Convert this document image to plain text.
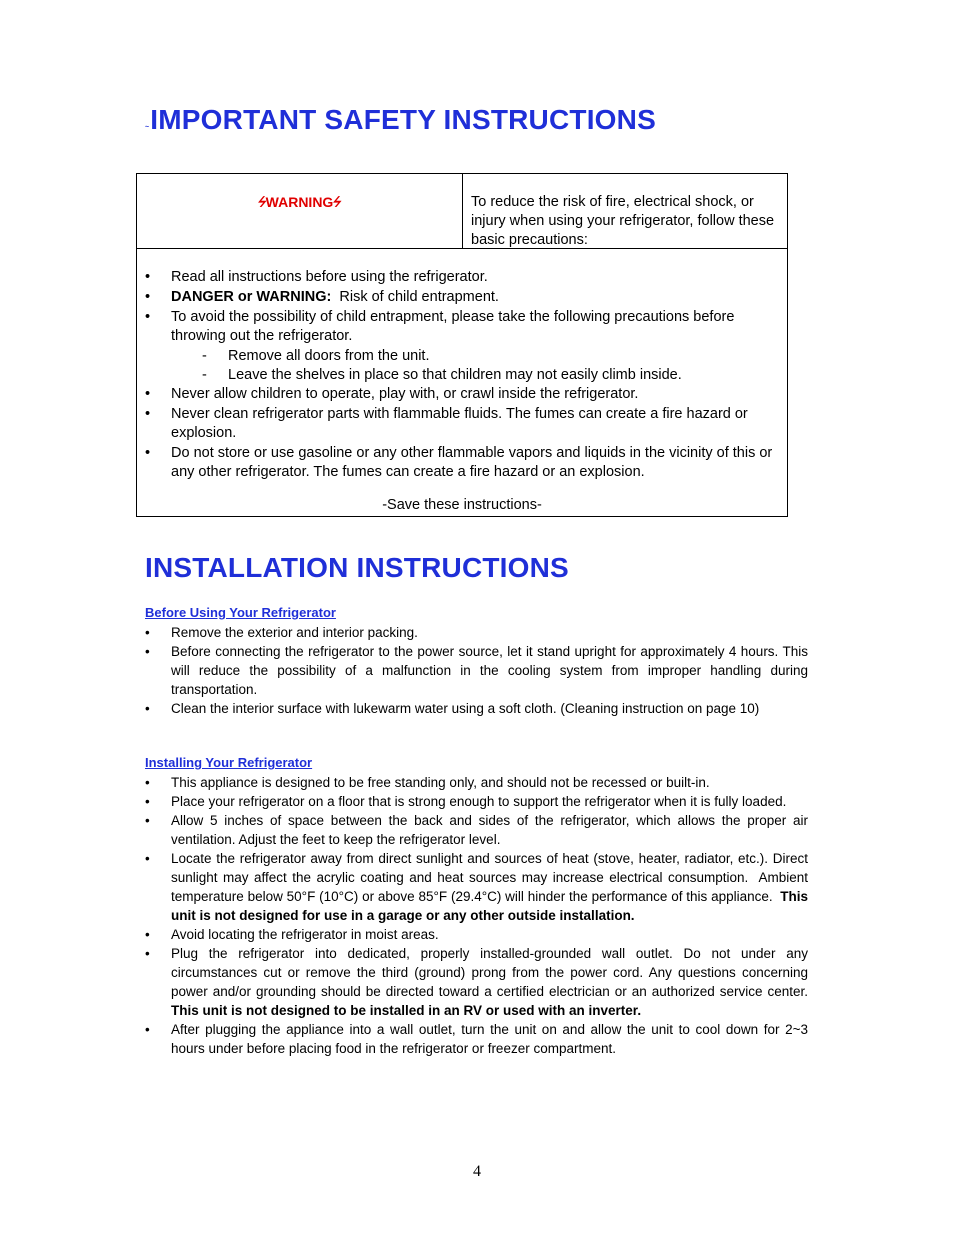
~IMPORTANT SAFETY INSTRUCTIONS
ϟWARNINGϟ	To reduce the risk of fire, electrical shock, or injury when using your refrigerator, follow these basic precautions:
• Read all instructions before using the refrigerator.
• DANGER or WARNING:  Risk of child entrapment.
• To avoid the possibility of child entrapment, please take the following precautions before throwing out the refrigerator.
- Remove all doors from the unit.
- Leave the shelves in place so that children may not easily climb inside.
• Never allow children to operate, play with, or crawl inside the refrigerator.
• Never clean refrigerator parts with flammable fluids. The fumes can create a fire hazard or explosion.
• Do not store or use gasoline or any other flammable vapors and liquids in the vicinity of this or any other refrigerator. The fumes can create a fire hazard or an explosion.
-Save these instructions-
INSTALLATION INSTRUCTIONS
Before Using Your Refrigerator
• Remove the exterior and interior packing.
• Before connecting the refrigerator to the power source, let it stand upright for approximately 4 hours. This will reduce the possibility of a malfunction in the cooling system from improper handling during transportation.
• Clean the interior surface with lukewarm water using a soft cloth. (Cleaning instruction on page 10)
Installing Your Refrigerator
• This appliance is designed to be free standing only, and should not be recessed or built-in.
• Place your refrigerator on a floor that is strong enough to support the refrigerator when it is fully loaded.
• Allow 5 inches of space between the back and sides of the refrigerator, which allows the proper air ventilation. Adjust the feet to keep the refrigerator level.
• Locate the refrigerator away from direct sunlight and sources of heat (stove, heater, radiator, etc.). Direct sunlight may affect the acrylic coating and heat sources may increase electrical consumption.  Ambient temperature below 50°F (10°C) or above 85°F (29.4°C) will hinder the performance of this appliance.  This unit is not designed for use in a garage or any other outside installation.
• Avoid locating the refrigerator in moist areas.
• Plug the refrigerator into dedicated, properly installed-grounded wall outlet. Do not under any circumstances cut or remove the third (ground) prong from the power cord. Any questions concerning power and/or grounding should be directed toward a certified electrician or an authorized service center.  This unit is not designed to be installed in an RV or used with an inverter.
• After plugging the appliance into a wall outlet, turn the unit on and allow the unit to cool down for 2~3 hours under before placing food in the refrigerator or freezer compartment.
4
